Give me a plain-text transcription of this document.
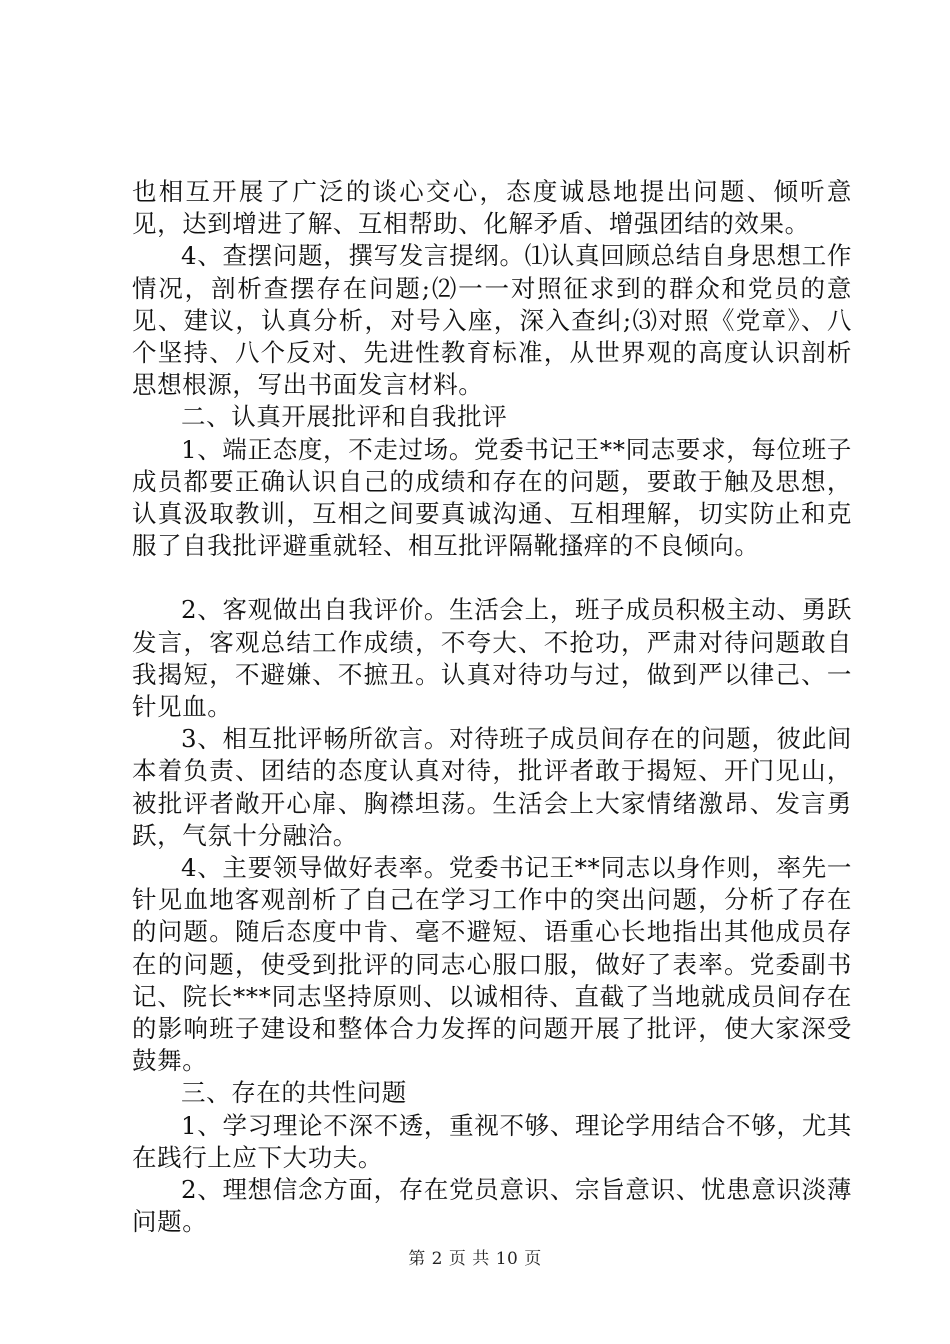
也相互开展了广泛的谈心交心，态度诚恳地提出问题、倾听意见，达到增进了解、互相帮助、化解矛盾、增强团结的效果。

4、查摆问题，撰写发言提纲。⑴认真回顾总结自身思想工作情况，剖析查摆存在问题;⑵一一对照征求到的群众和党员的意见、建议，认真分析，对号入座，深入查纠;⑶对照《党章》、八个坚持、八个反对、先进性教育标准，从世界观的高度认识剖析思想根源，写出书面发言材料。

二、认真开展批评和自我批评

1、端正态度，不走过场。党委书记王**同志要求，每位班子成员都要正确认识自己的成绩和存在的问题，要敢于触及思想，认真汲取教训，互相之间要真诚沟通、互相理解，切实防止和克服了自我批评避重就轻、相互批评隔靴搔痒的不良倾向。

2、客观做出自我评价。生活会上，班子成员积极主动、勇跃发言，客观总结工作成绩，不夸大、不抢功，严肃对待问题敢自我揭短，不避嫌、不摭丑。认真对待功与过，做到严以律己、一针见血。

3、相互批评畅所欲言。对待班子成员间存在的问题，彼此间本着负责、团结的态度认真对待，批评者敢于揭短、开门见山，被批评者敞开心扉、胸襟坦荡。生活会上大家情绪激昂、发言勇跃，气氛十分融洽。

4、主要领导做好表率。党委书记王**同志以身作则，率先一针见血地客观剖析了自己在学习工作中的突出问题，分析了存在的问题。随后态度中肯、毫不避短、语重心长地指出其他成员存在的问题，使受到批评的同志心服口服，做好了表率。党委副书记、院长***同志坚持原则、以诚相待、直截了当地就成员间存在的影响班子建设和整体合力发挥的问题开展了批评，使大家深受鼓舞。

三、存在的共性问题

1、学习理论不深不透，重视不够、理论学用结合不够，尤其在践行上应下大功夫。

2、理想信念方面，存在党员意识、宗旨意识、忧患意识淡薄问题。

第 2 页 共 10 页
